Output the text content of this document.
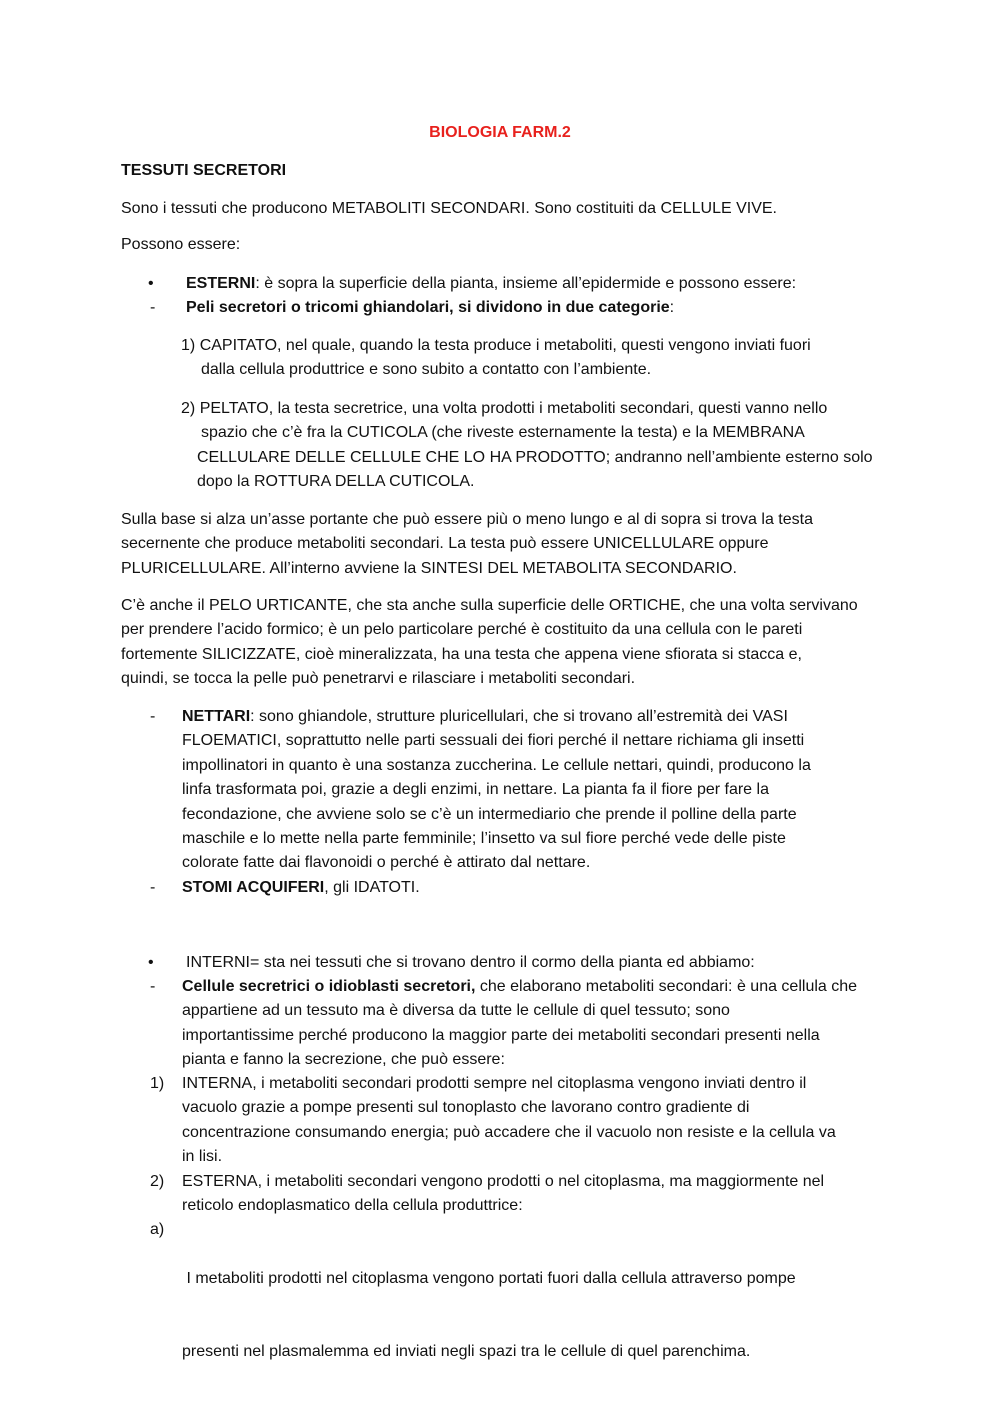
BIOLOGIA FARM.2
TESSUTI SECRETORI
Sono i tessuti che producono METABOLITI SECONDARI. Sono costituiti da CELLULE VIVE.
Possono essere:
•	ESTERNI: è sopra la superficie della pianta, insieme all’epidermide e possono essere:
-	Peli secretori o tricomi ghiandolari, si dividono in due categorie:
1) CAPITATO, nel quale, quando la testa produce i metaboliti, questi vengono inviati fuori
dalla cellula produttrice e sono subito a contatto con l’ambiente.
2) PELTATO, la testa secretrice, una volta prodotti i metaboliti secondari, questi vanno nello
spazio che c’è fra la CUTICOLA (che riveste esternamente la testa) e la MEMBRANA
CELLULARE DELLE CELLULE CHE LO HA PRODOTTO; andranno nell’ambiente esterno solo
dopo la ROTTURA DELLA CUTICOLA.
Sulla base si alza un’asse portante che può essere più o meno lungo e al di sopra si trova la testa
secernente che produce metaboliti secondari. La testa può essere UNICELLULARE oppure
PLURICELLULARE. All’interno avviene la SINTESI DEL METABOLITA SECONDARIO.
C’è anche il PELO URTICANTE, che sta anche sulla superficie delle ORTICHE, che una volta servivano
per prendere l’acido formico; è un pelo particolare perché è costituito da una cellula con le pareti
fortemente SILICIZZATE, cioè mineralizzata, ha una testa che appena viene sfiorata si stacca e,
quindi, se tocca la pelle può penetrarvi e rilasciare i metaboliti secondari.
-	NETTARI: sono ghiandole, strutture pluricellulari, che si trovano all’estremità dei VASI
FLOEMATICI, soprattutto nelle parti sessuali dei fiori perché il nettare richiama gli insetti
impollinatori in quanto è una sostanza zuccherina. Le cellule nettari, quindi, producono la
linfa trasformata poi, grazie a degli enzimi, in nettare. La pianta fa il fiore per fare la
fecondazione, che avviene solo se c’è un intermediario che prende il polline della parte
maschile e lo mette nella parte femminile; l’insetto va sul fiore perché vede delle piste
colorate fatte dai flavonoidi o perché è attirato dal nettare.
-	STOMI ACQUIFERI, gli IDATOTI.
•	INTERNI= sta nei tessuti che si trovano dentro il cormo della pianta ed abbiamo:
-	Cellule secretrici o idioblasti secretori, che elaborano metaboliti secondari: è una cellula che
appartiene ad un tessuto ma è diversa da tutte le cellule di quel tessuto; sono
importantissime perché producono la maggior parte dei metaboliti secondari presenti nella
pianta e fanno la secrezione, che può essere:
1)	INTERNA, i metaboliti secondari prodotti sempre nel citoplasma vengono inviati dentro il
vacuolo grazie a pompe presenti sul tonoplasto che lavorano contro gradiente di
concentrazione consumando energia; può accadere che il vacuolo non resiste e la cellula va
in lisi.
2)	ESTERNA, i metaboliti secondari vengono prodotti o nel citoplasma, ma maggiormente nel
reticolo endoplasmatico della cellula produttrice:
a)

I metaboliti prodotti nel citoplasma vengono portati fuori dalla cellula attraverso pompe

presenti nel plasmalemma ed inviati negli spazi tra le cellule di quel parenchima.
